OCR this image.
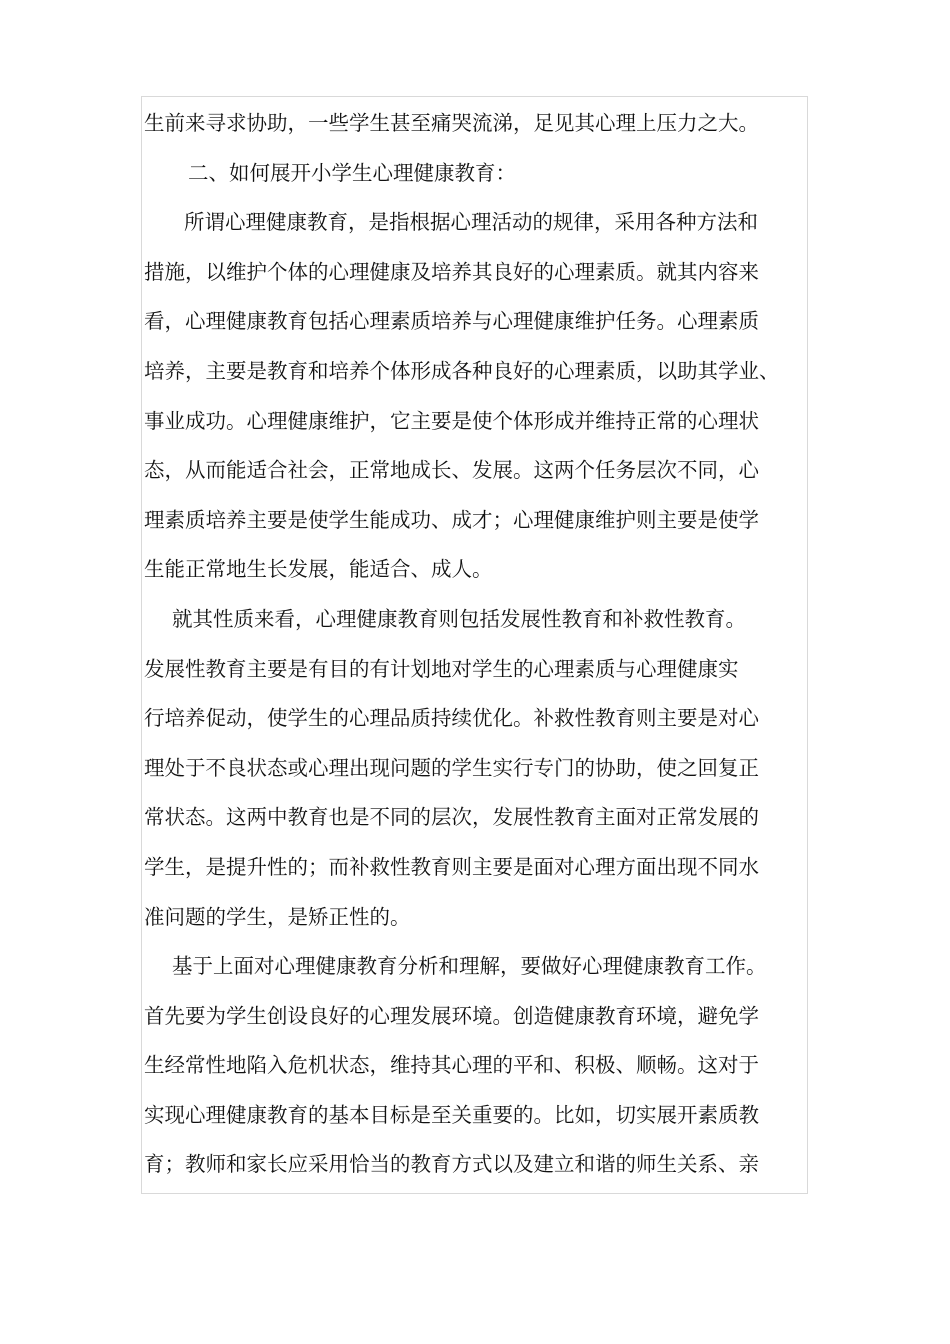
生前来寻求协助，一些学生甚至痛哭流涕，足见其心理上压力之大。
二、如何展开小学生心理健康教育：
所谓心理健康教育，是指根据心理活动的规律，采用各种方法和
措施，以维护个体的心理健康及培养其良好的心理素质。就其内容来
看，心理健康教育包括心理素质培养与心理健康维护任务。心理素质
培养，主要是教育和培养个体形成各种良好的心理素质，以助其学业、
事业成功。心理健康维护，它主要是使个体形成并维持正常的心理状
态，从而能适合社会，正常地成长、发展。这两个任务层次不同，心
理素质培养主要是使学生能成功、成才；心理健康维护则主要是使学
生能正常地生长发展，能适合、成人。
就其性质来看，心理健康教育则包括发展性教育和补救性教育。
发展性教育主要是有目的有计划地对学生的心理素质与心理健康实
行培养促动，使学生的心理品质持续优化。补救性教育则主要是对心
理处于不良状态或心理出现问题的学生实行专门的协助，使之回复正
常状态。这两中教育也是不同的层次，发展性教育主面对正常发展的
学生，是提升性的；而补救性教育则主要是面对心理方面出现不同水
准问题的学生，是矫正性的。
基于上面对心理健康教育分析和理解，要做好心理健康教育工作。
首先要为学生创设良好的心理发展环境。创造健康教育环境，避免学
生经常性地陷入危机状态，维持其心理的平和、积极、顺畅。这对于
实现心理健康教育的基本目标是至关重要的。比如，切实展开素质教
育；教师和家长应采用恰当的教育方式以及建立和谐的师生关系、亲
